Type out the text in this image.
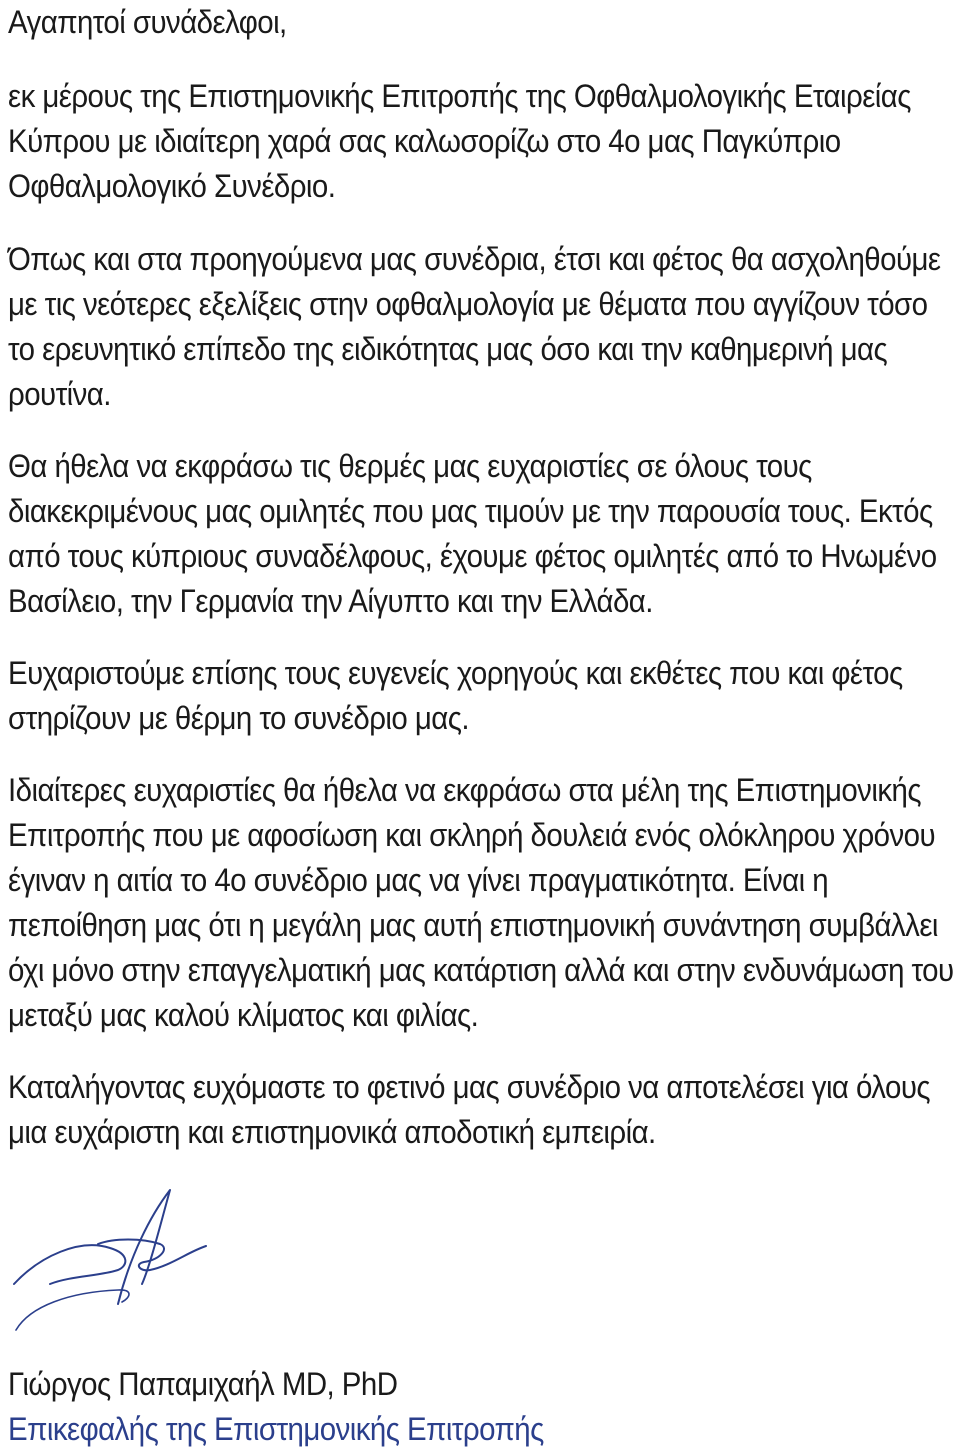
Αγαπητοί συνάδελφοι,

εκ μέρους της Επιστημονικής Επιτροπής της Οφθαλμολογικής Εταιρείας Κύπρου με ιδιαίτερη χαρά σας καλωσορίζω στο 4ο μας Παγκύπριο Οφθαλμολογικό Συνέδριο.

Όπως και στα προηγούμενα μας συνέδρια, έτσι και φέτος θα ασχοληθούμε με τις νεότερες εξελίξεις στην οφθαλμολογία με θέματα που αγγίζουν τόσο το ερευνητικό επίπεδο της ειδικότητας μας όσο και την καθημερινή μας ρουτίνα.

Θα ήθελα να εκφράσω τις θερμές μας ευχαριστίες σε όλους τους διακεκριμένους μας ομιλητές που μας τιμούν με την παρουσία τους. Εκτός από τους κύπριους συναδέλφους, έχουμε φέτος ομιλητές από το Ηνωμένο Βασίλειο, την Γερμανία την Αίγυπτο και την Ελλάδα.

Ευχαριστούμε επίσης τους ευγενείς χορηγούς και εκθέτες που και φέτος στηρίζουν με θέρμη το συνέδριο μας.

Ιδιαίτερες ευχαριστίες θα ήθελα να εκφράσω στα μέλη της Επιστημονικής Επιτροπής που με αφοσίωση και σκληρή δουλειά ενός ολόκληρου χρόνου έγιναν η αιτία το 4ο συνέδριο μας να γίνει πραγματικότητα. Είναι η πεποίθηση μας ότι η μεγάλη μας αυτή επιστημονική συνάντηση συμβάλλει όχι μόνο στην επαγγελματική μας κατάρτιση αλλά και στην ενδυνάμωση του μεταξύ μας καλού κλίματος και φιλίας.

Καταλήγοντας ευχόμαστε το φετινό μας συνέδριο να αποτελέσει για όλους μια ευχάριστη και επιστημονικά αποδοτική εμπειρία.

Γιώργος Παπαμιχαήλ MD, PhD
Επικεφαλής της Επιστημονικής Επιτροπής
